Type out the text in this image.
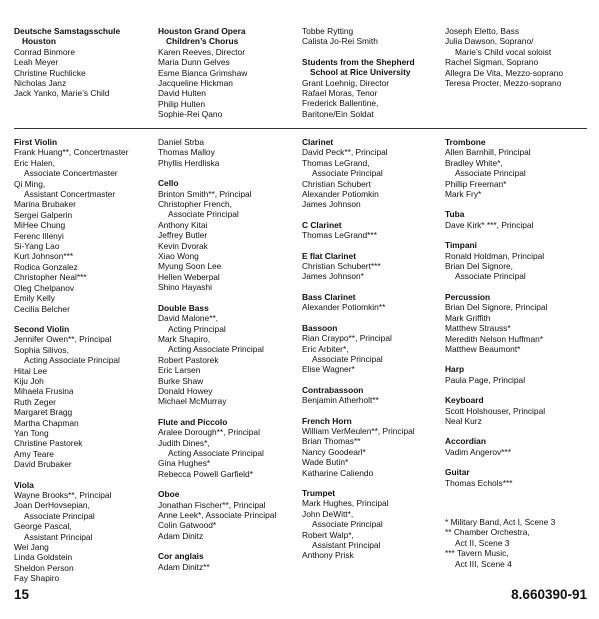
Deutsche Samstagsschule
Houston
Conrad Binmore
Leah Meyer
Christine Ruchlicke
Nicholas Janz
Jack Yanko, Marie’s Child
Houston Grand Opera
Children’s Chorus
Karen Reeves, Director
Maria Dunn Gelves
Esme Bianca Grimshaw
Jacqueline Hickman
David Hulten
Philip Hulten
Sophie-Rei Qano
Tobbe Rytting
Calista Jo-Rei Smith
Students from the Shepherd
School at Rice University
Grant Loehnig, Director
Rafael Moras, Tenor
Frederick Ballentine,
Baritone/Ein Soldat
Joseph Eletto, Bass
Julia Dawson, Soprano/
Marie’s Child vocal soloist
Rachel Sigman, Soprano
Allegra De Vita, Mezzo-soprano
Teresa Procter, Mezzo-soprano
First Violin
Frank Huang**, Concertmaster
Eric Halen,
Associate Concertmaster
Qi Ming,
Assistant Concertmaster
Marina Brubaker
Sergei Galperin
MiHee Chung
Ferenc Illenyi
Si-Yang Lao
Kurt Johnson***
Rodica Gonzalez
Christopher Neal***
Oleg Chelpanov
Emily Kelly
Cecilia Belcher
Second Violin
Jennifer Owen**, Principal
Sophia Silivos,
Acting Associate Principal
Hitai Lee
Kiju Joh
Mihaela Frusina
Ruth Zeger
Margaret Bragg
Martha Chapman
Yan Tong
Christine Pastorek
Amy Teare
David Brubaker
Viola
Wayne Brooks**, Principal
Joan DerHovsepian,
Associate Principal
George Pascal,
Assistant Principal
Wei Jang
Linda Goldstein
Sheldon Person
Fay Shapiro
Daniel Strba
Thomas Malloy
Phyllis Herdliska
Cello
Brinton Smith**, Principal
Christopher French,
Associate Principal
Anthony Kitai
Jeffrey Butler
Kevin Dvorak
Xiao Wong
Myung Soon Lee
Hellen Weberpal
Shino Hayashi
Double Bass
David Malone**,
Acting Principal
Mark Shapiro,
Acting Associate Principal
Robert Pastorek
Eric Larsen
Burke Shaw
Donald Howey
Michael McMurray
Flute and Piccolo
Aralee Dorough**, Principal
Judith Dines*,
Acting Associate Principal
Gina Hughes*
Rebecca Powell Garfield*
Oboe
Jonathan Fischer**, Principal
Anne Leek*, Associate Principal
Colin Gatwood*
Adam Dinitz
Cor anglais
Adam Dinitz**
Clarinet
David Peck**, Principal
Thomas LeGrand,
Associate Principal
Christian Schubert
Alexander Potiomkin
James Johnson
C Clarinet
Thomas LeGrand***
E flat Clarinet
Christian Schubert***
James Johnson*
Bass Clarinet
Alexander Potiomkin**
Bassoon
Rian Craypo**, Principal
Eric Arbiter*,
Associate Principal
Elise Wagner*
Contrabassoon
Benjamin Atherholt**
French Horn
William VerMeulen**, Principal
Brian Thomas**
Nancy Goodearl*
Wade Butin*
Katharine Caliendo
Trumpet
Mark Hughes, Principal
John DeWitt*,
Associate Principal
Robert Walp*,
Assistant Principal
Anthony Prisk
Trombone
Allen Barnhill, Principal
Bradley White*,
Associate Principal
Phillip Freeman*
Mark Fry*
Tuba
Dave Kirk* ***, Principal
Timpani
Ronald Holdman, Principal
Brian Del Signore,
Associate Principal
Percussion
Brian Del Signore, Principal
Mark Griffith
Matthew Strauss*
Meredith Nelson Huffman*
Matthew Beaumont*
Harp
Paula Page, Principal
Keyboard
Scott Holshouser, Principal
Neal Kurz
Accordian
Vadim Angerov***
Guitar
Thomas Echols***
* Military Band, Act I, Scene 3
** Chamber Orchestra,
Act II, Scene 3
*** Tavern Music,
Act III, Scene 4
15	8.660390-91
